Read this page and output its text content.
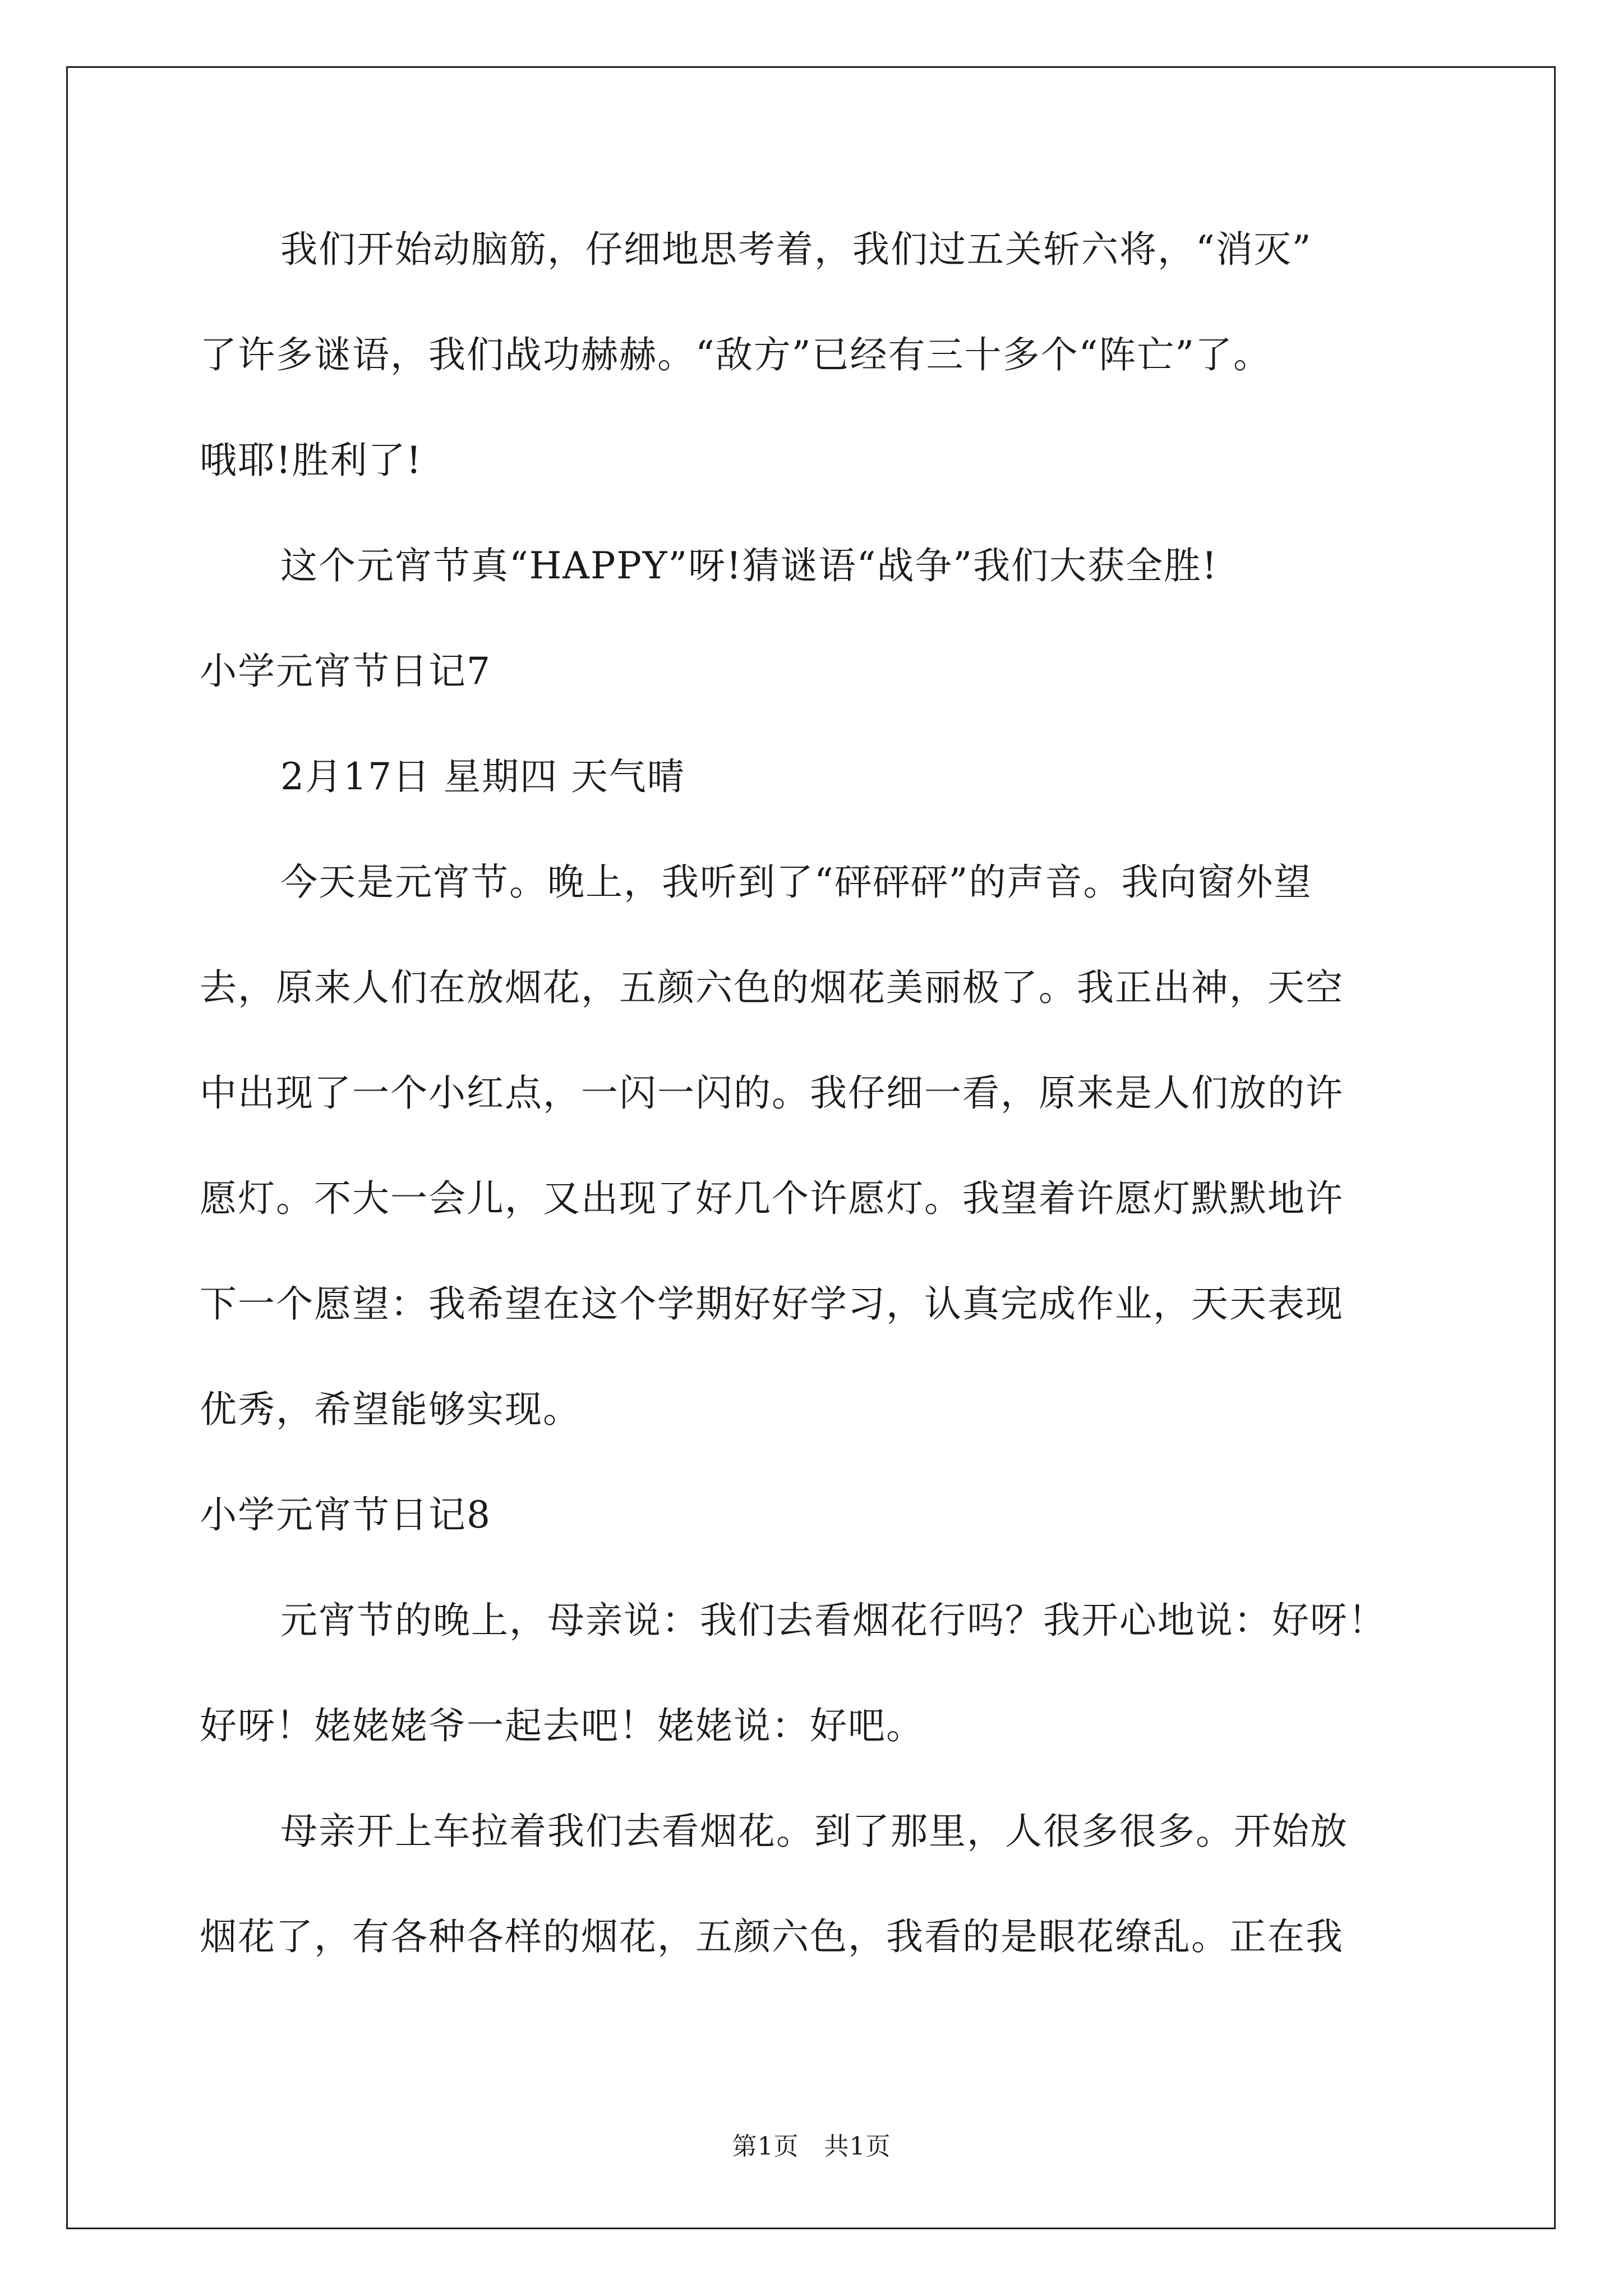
我们开始动脑筋，仔细地思考着，我们过五关斩六将，“消灭”
了许多谜语，我们战功赫赫。“敌方”已经有三十多个“阵亡”了。
哦耶!胜利了!
这个元宵节真“HAPPY”呀!猜谜语“战争”我们大获全胜!
小学元宵节日记7
2月17日 星期四 天气晴
今天是元宵节。晚上，我听到了“砰砰砰”的声音。我向窗外望
去，原来人们在放烟花，五颜六色的烟花美丽极了。我正出神，天空
中出现了一个小红点，一闪一闪的。我仔细一看，原来是人们放的许
愿灯。不大一会儿，又出现了好几个许愿灯。我望着许愿灯默默地许
下一个愿望：我希望在这个学期好好学习，认真完成作业，天天表现
优秀，希望能够实现。
小学元宵节日记8
元宵节的晚上，母亲说：我们去看烟花行吗？我开心地说：好呀！
好呀！姥姥姥爷一起去吧！姥姥说：好吧。
母亲开上车拉着我们去看烟花。到了那里，人很多很多。开始放
烟花了，有各种各样的烟花，五颜六色，我看的是眼花缭乱。正在我
第1页　共1页
